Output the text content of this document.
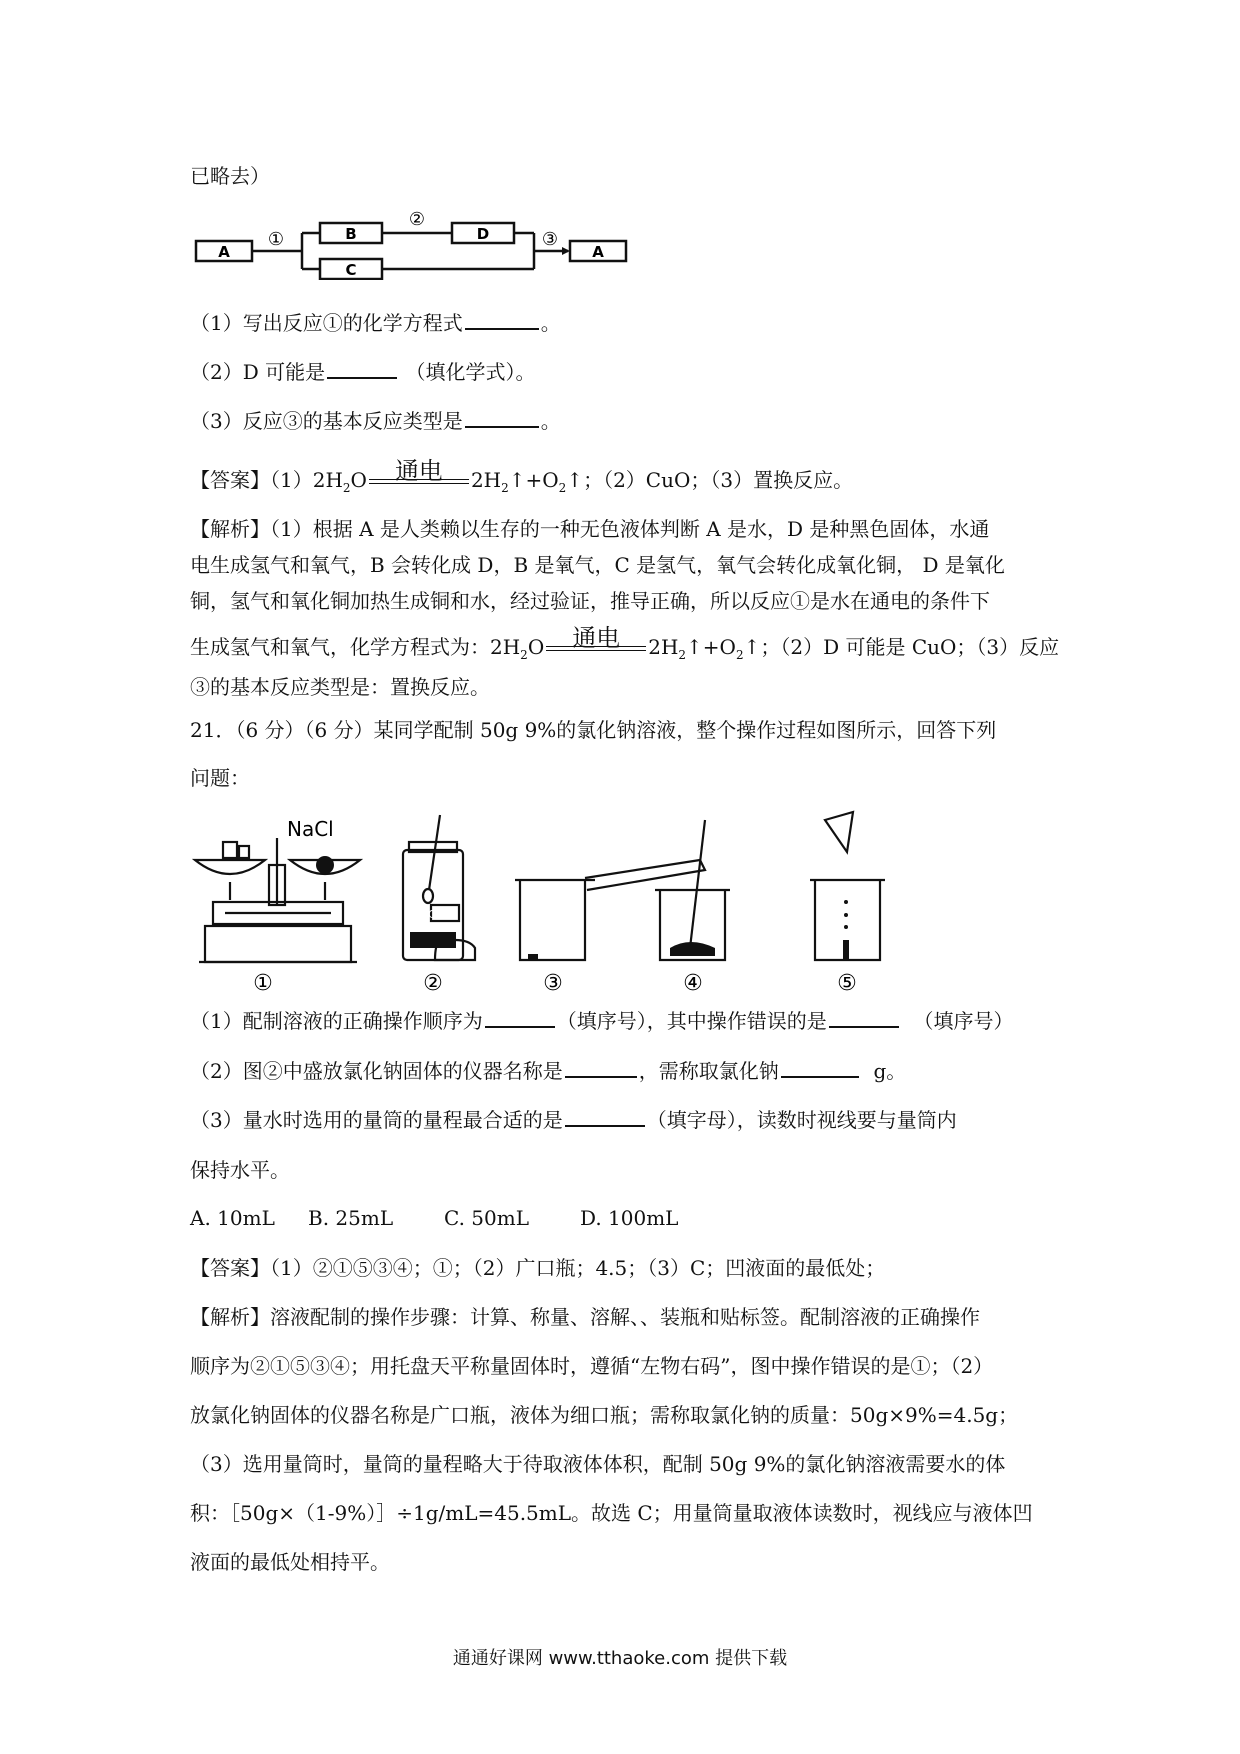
已略去）
A
B	D
C
A
①
②
③
（1）写出反应①的化学方程式	。
（2）D 可能是	（填化学式）。
（3）反应③的基本反应类型是	。
【答案】$(1)2H_2O$	通电	$2H_2↑+O_2↑$；（2）CuO；（3）置换反应。
【解析】（1）根据 A 是人类赖以生存的一种无色液体判断 A 是水，D 是种黑色固体，水通
电生成氢气和氧气，B 会转化成 D，B 是氧气，C 是氢气，氧气会转化成氧化铜， D 是氧化
铜，氢气和氧化铜加热生成铜和水，经过验证，推导正确，所以反应①是水在通电的条件下
生成氢气和氧气，化学方程式为：$2H_2O$	通电	$2H_2↑+O_2↑$；（2）D 可能是 CuO；（3）反应
③的基本反应类型是：置换反应。
21．（6 分）（6 分）某同学配制 50g 9%的氯化钠溶液，整个操作过程如图所示，回答下列
问题：
NaCl
NaCl
①	②	③	④	⑤
（1）配制溶液的正确操作顺序为	（填序号），其中操作错误的是	（填序号）
（2）图②中盛放氯化钠固体的仪器名称是	，需称取氯化钠	g。
（3）量水时选用的量筒的量程最合适的是	（填字母），读数时视线要与量筒内
保持水平。
A. 10mL B. 25mL	C. 50mL	D. 100mL
【答案】（1）②①⑤③④；①；（2）广口瓶；4.5；（3）C；凹液面的最低处；
【解析】溶液配制的操作步骤：计算、称量、溶解、、装瓶和贴标签。配制溶液的正确操作
顺序为②①⑤③④；用托盘天平称量固体时，遵循“左物右码”，图中操作错误的是①；（2）
放氯化钠固体的仪器名称是广口瓶，液体为细口瓶；需称取氯化钠的质量：50g×9%=4.5g；
（3）选用量筒时，量筒的量程略大于待取液体体积，配制 50g 9%的氯化钠溶液需要水的体
积：［50g×（1-9%）］÷1g/mL=45.5mL。故选 C；用量筒量取液体读数时，视线应与液体凹
液面的最低处相持平。
通通好课网 www.tthaoke.com 提供下载
